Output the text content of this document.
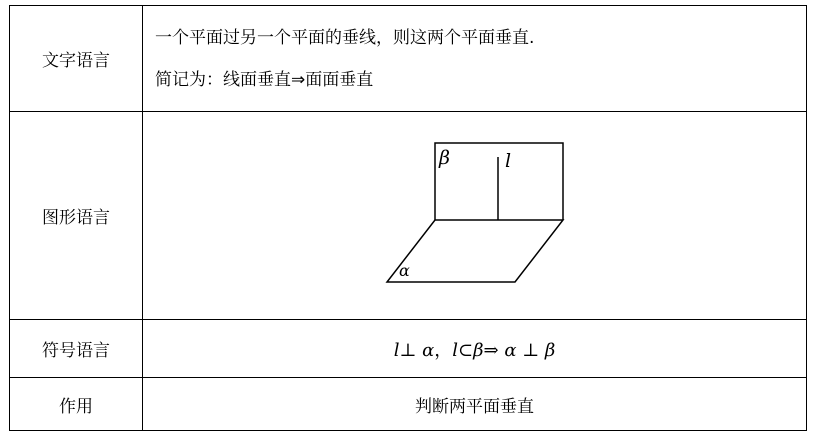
文字语言	一个平面过另一个平面的垂线，则这两个平面垂直.
简记为：线面垂直⇒面面垂直

图形语言	β l
α

符号语言	l⊥ α，l⊂β⇒ α ⊥ β
作用	判断两平面垂直
